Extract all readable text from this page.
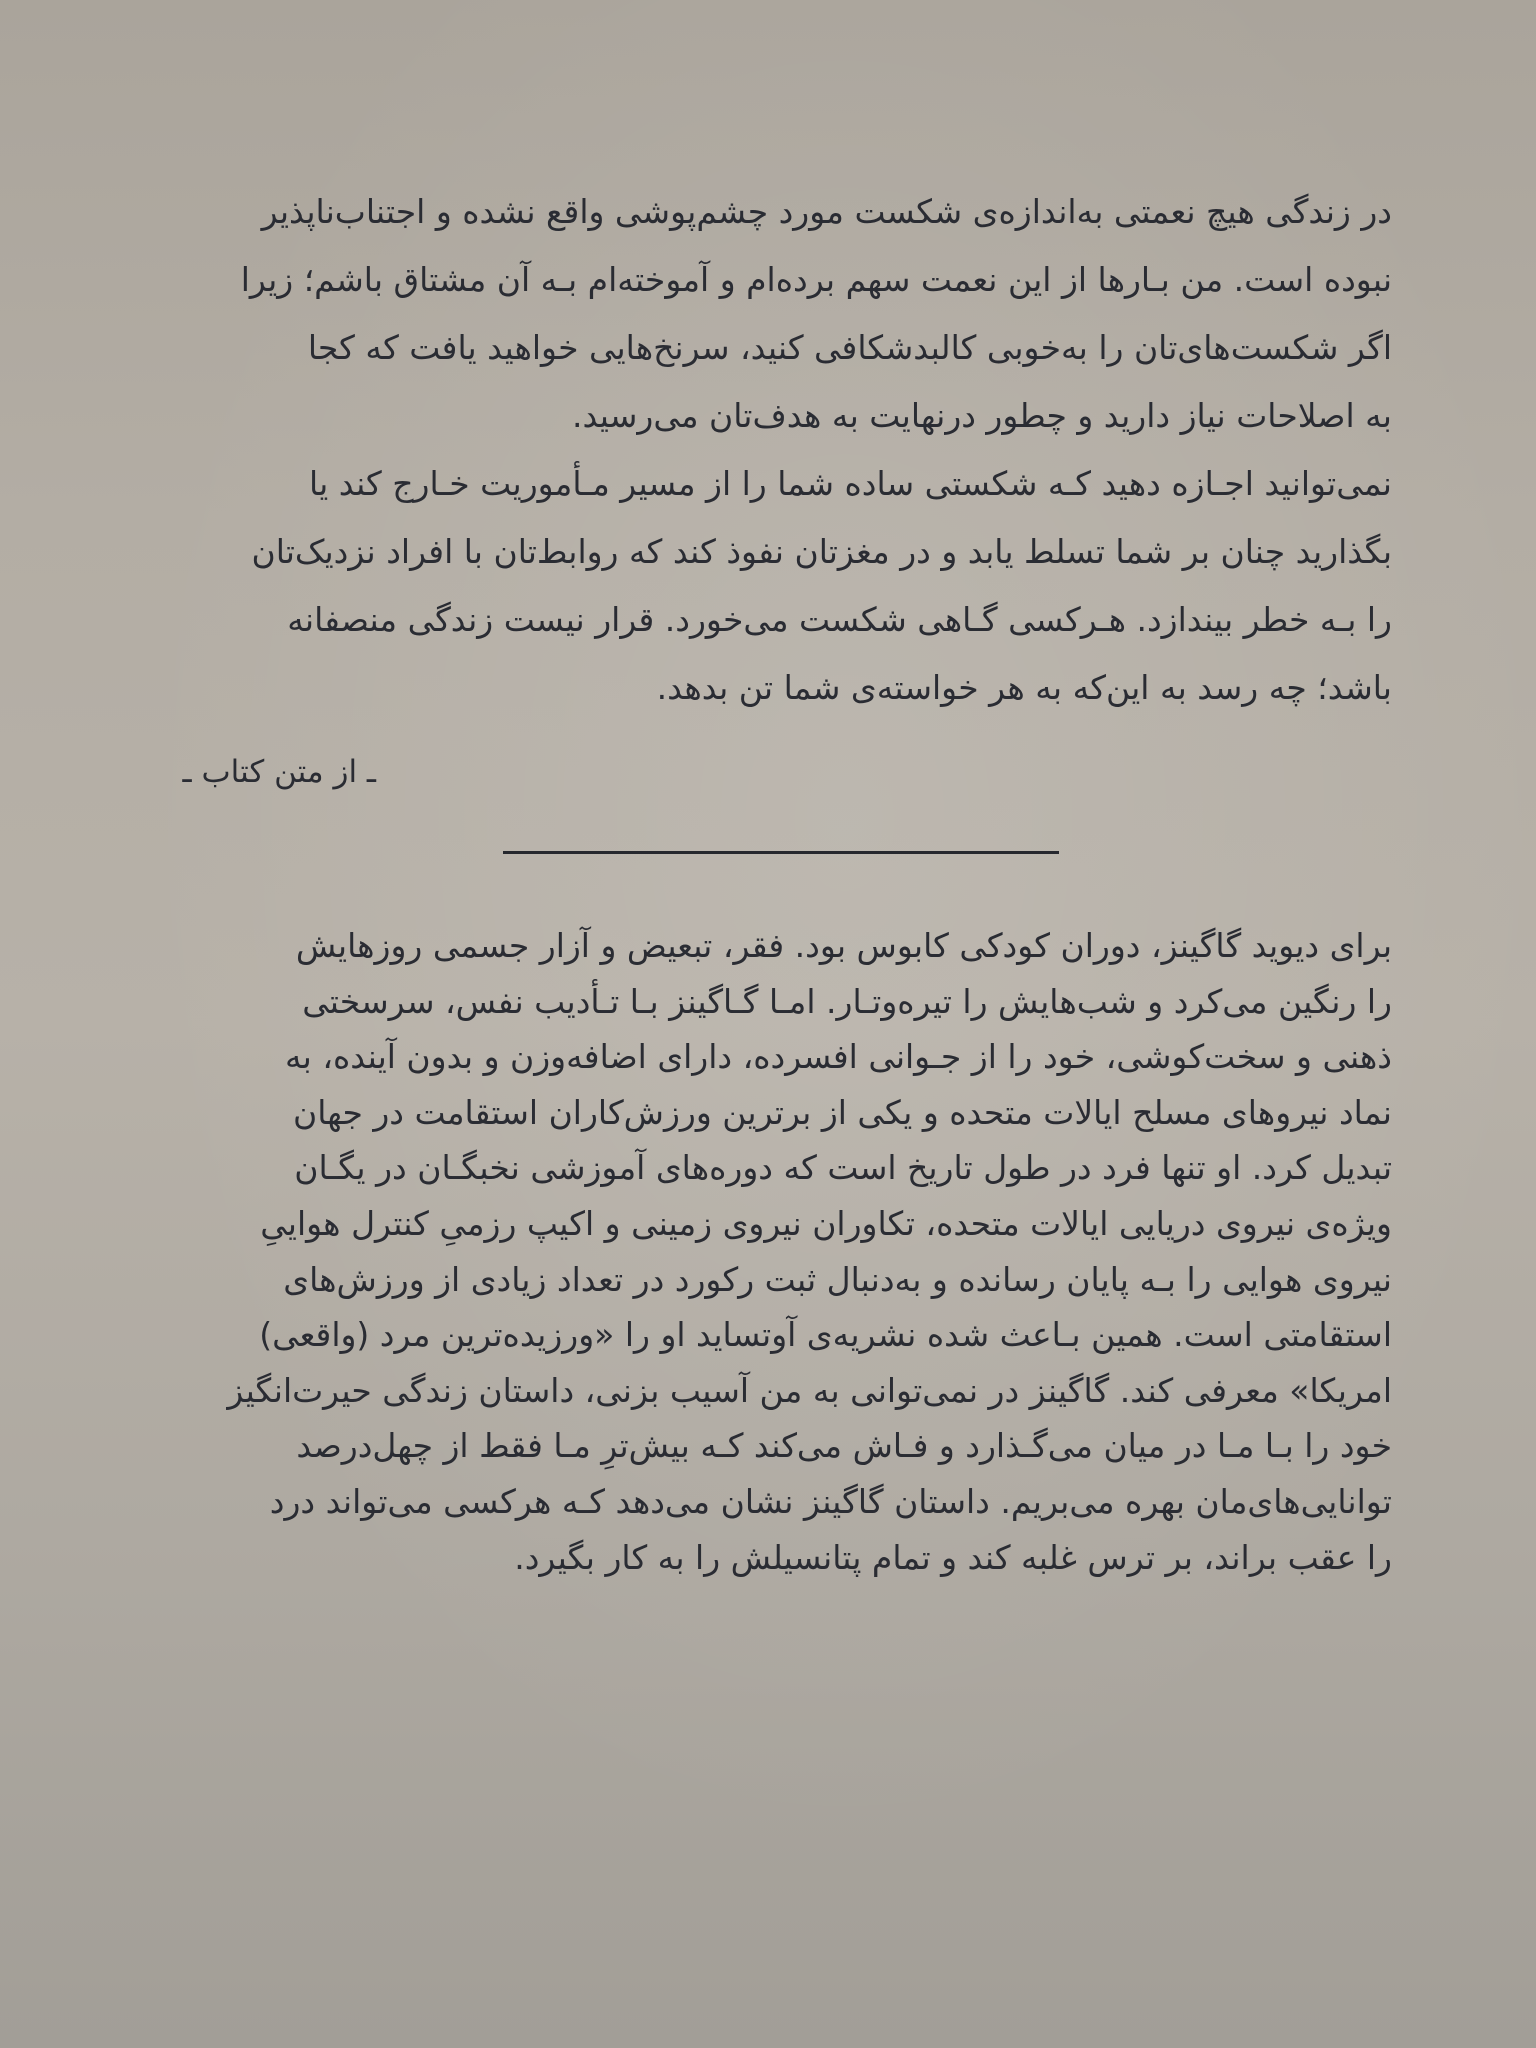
در زندگی هیچ نعمتی به‌اندازه‌ی شکست مورد چشم‌پوشی واقع نشده و اجتناب‌ناپذیر
نبوده است. من بـارها از این نعمت سهم برده‌ام و آموخته‌ام بـه آن مشتاق باشم؛ زیرا
اگر شکست‌های‌تان را به‌خوبی کالبدشکافی کنید، سرنخ‌هایی خواهید یافت که کجا
به اصلاحات نیاز دارید و چطور درنهایت به هدف‌تان می‌رسید.
نمی‌توانید اجـازه دهید کـه شکستی ساده شما را از مسیر مـأموریت خـارج کند یا
بگذارید چنان بر شما تسلط یابد و در مغزتان نفوذ کند که روابط‌تان با افراد نزدیک‌تان
را بـه خطر بیندازد. هـرکسی گـاهی شکست می‌خورد. قرار نیست زندگی منصفانه
باشد؛ چه رسد به این‌که به هر خواسته‌ی شما تن بدهد.
ـ از متن کتاب ـ
برای دیوید گاگینز، دوران کودکی کابوس بود. فقر، تبعیض و آزار جسمی روزهایش
را رنگین می‌کرد و شب‌هایش را تیره‌وتـار. امـا گـاگینز بـا تـأدیب نفس، سرسختی
ذهنی و سخت‌کوشی، خود را از جـوانی افسرده، دارای اضافه‌وزن و بدون آینده، به
نماد نیروهای مسلح ایالات متحده و یکی از برترین ورزش‌کاران استقامت در جهان
تبدیل کرد. او تنها فرد در طول تاریخ است که دوره‌های آموزشی نخبگـان در یگـان
ویژه‌ی نیروی دریایی ایالات متحده، تکاوران نیروی زمینی و اکیپ رزمیِ کنترل هواییِ
نیروی هوایی را بـه پایان رسانده و به‌دنبال ثبت رکورد در تعداد زیادی از ورزش‌های
استقامتی است. همین بـاعث شده نشریه‌ی آوتساید او را «ورزیده‌ترین مرد (واقعی)
امریکا» معرفی کند. گاگینز در نمی‌توانی به من آسیب بزنی، داستان زندگی حیرت‌انگیز
خود را بـا مـا در میان می‌گـذارد و فـاش می‌کند کـه بیش‌ترِ مـا فقط از چهل‌درصد
توانایی‌های‌مان بهره می‌بریم. داستان گاگینز نشان می‌دهد کـه هرکسی می‌تواند درد
را عقب براند، بر ترس غلبه کند و تمام پتانسیلش را به کار بگیرد.
